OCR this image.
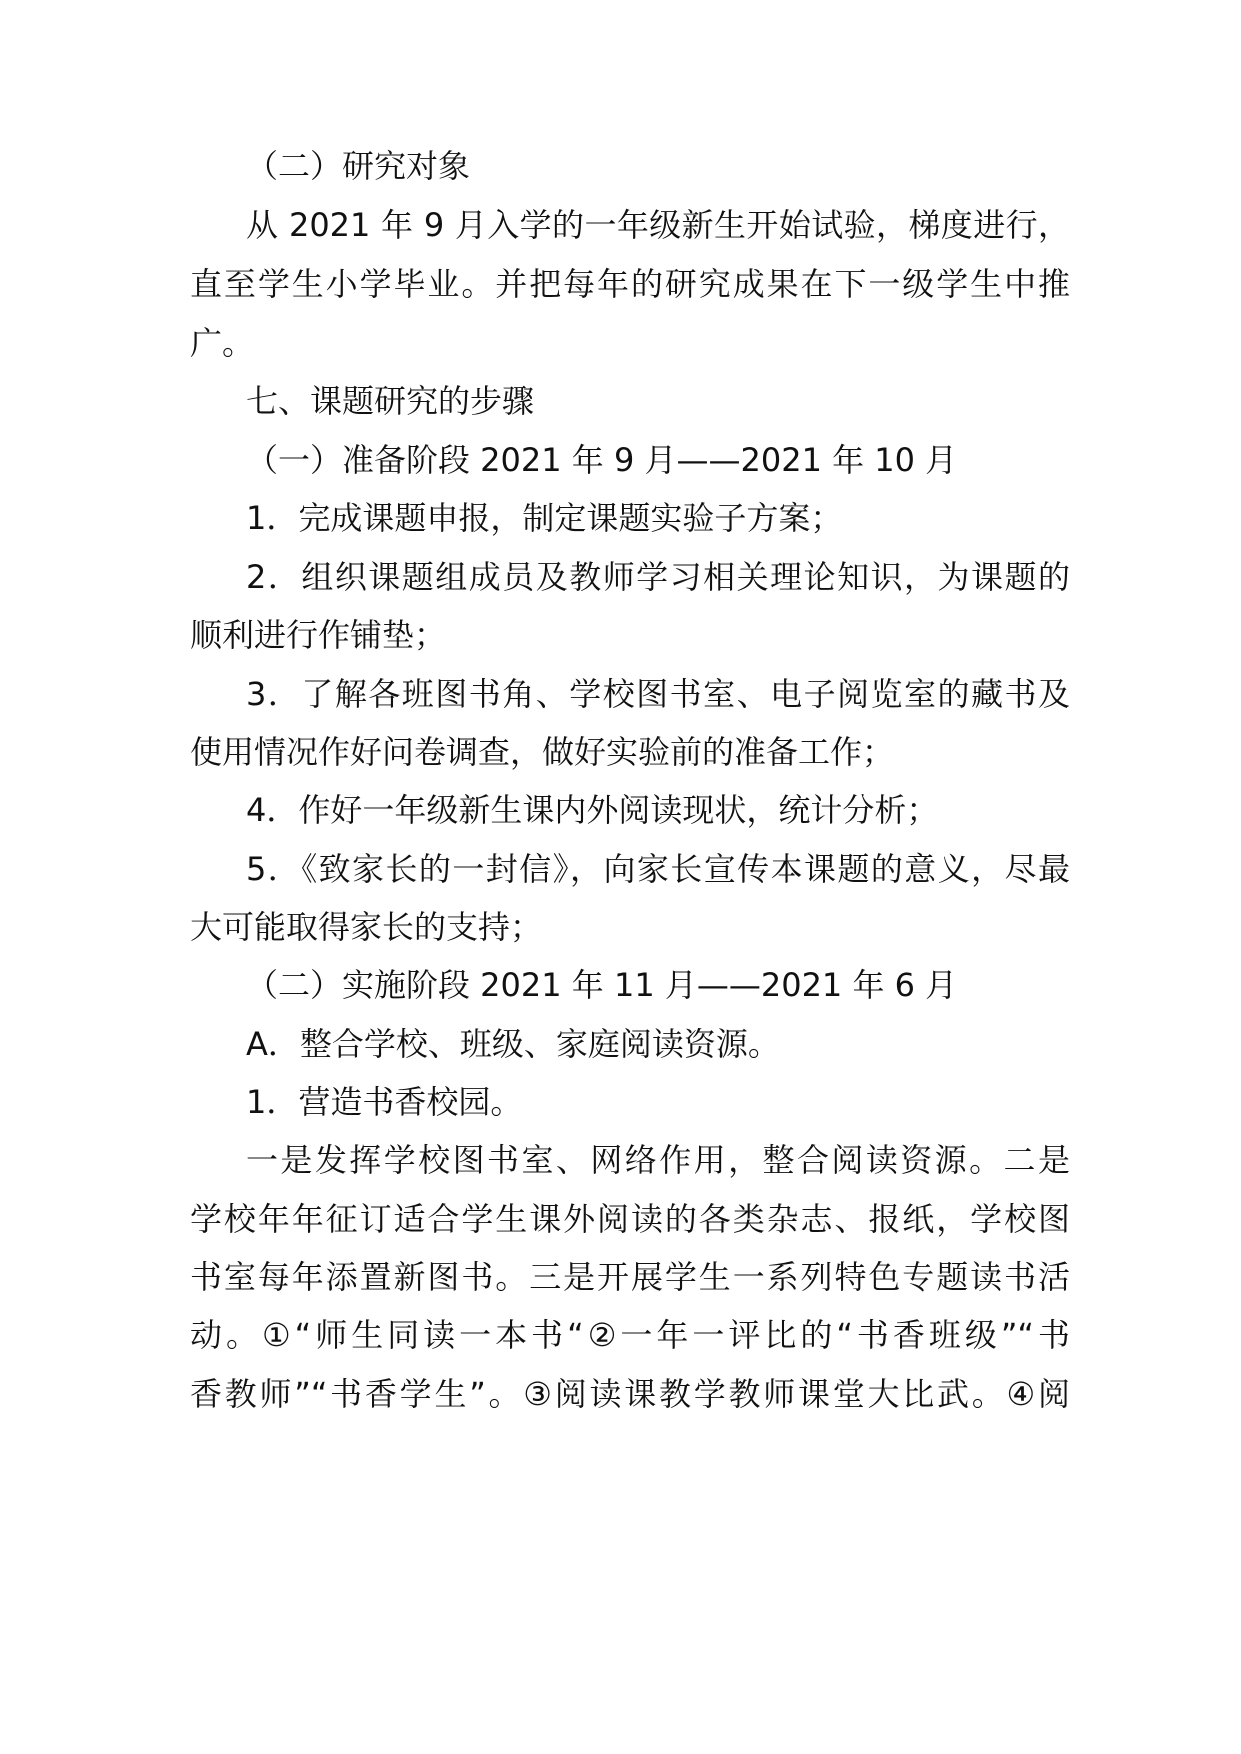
（二）研究对象
从 2021 年 9 月入学的一年级新生开始试验，梯度进行，
直至学生小学毕业。并把每年的研究成果在下一级学生中推
广。
七、课题研究的步骤
（一）准备阶段 2021 年 9 月——2021 年 10 月
1．完成课题申报，制定课题实验子方案；
2．组织课题组成员及教师学习相关理论知识，为课题的
顺利进行作铺垫；
3．了解各班图书角、学校图书室、电子阅览室的藏书及
使用情况作好问卷调查，做好实验前的准备工作；
4．作好一年级新生课内外阅读现状，统计分析；
5．《致家长的一封信》，向家长宣传本课题的意义，尽最
大可能取得家长的支持；
（二）实施阶段 2021 年 11 月——2021 年 6 月
A．整合学校、班级、家庭阅读资源。
1．营造书香校园。
一是发挥学校图书室、网络作用，整合阅读资源。二是
学校年年征订适合学生课外阅读的各类杂志、报纸，学校图
书室每年添置新图书。三是开展学生一系列特色专题读书活
动。①“师生同读一本书“②一年一评比的“书香班级”“书
香教师”“书香学生”。③阅读课教学教师课堂大比武。④阅
